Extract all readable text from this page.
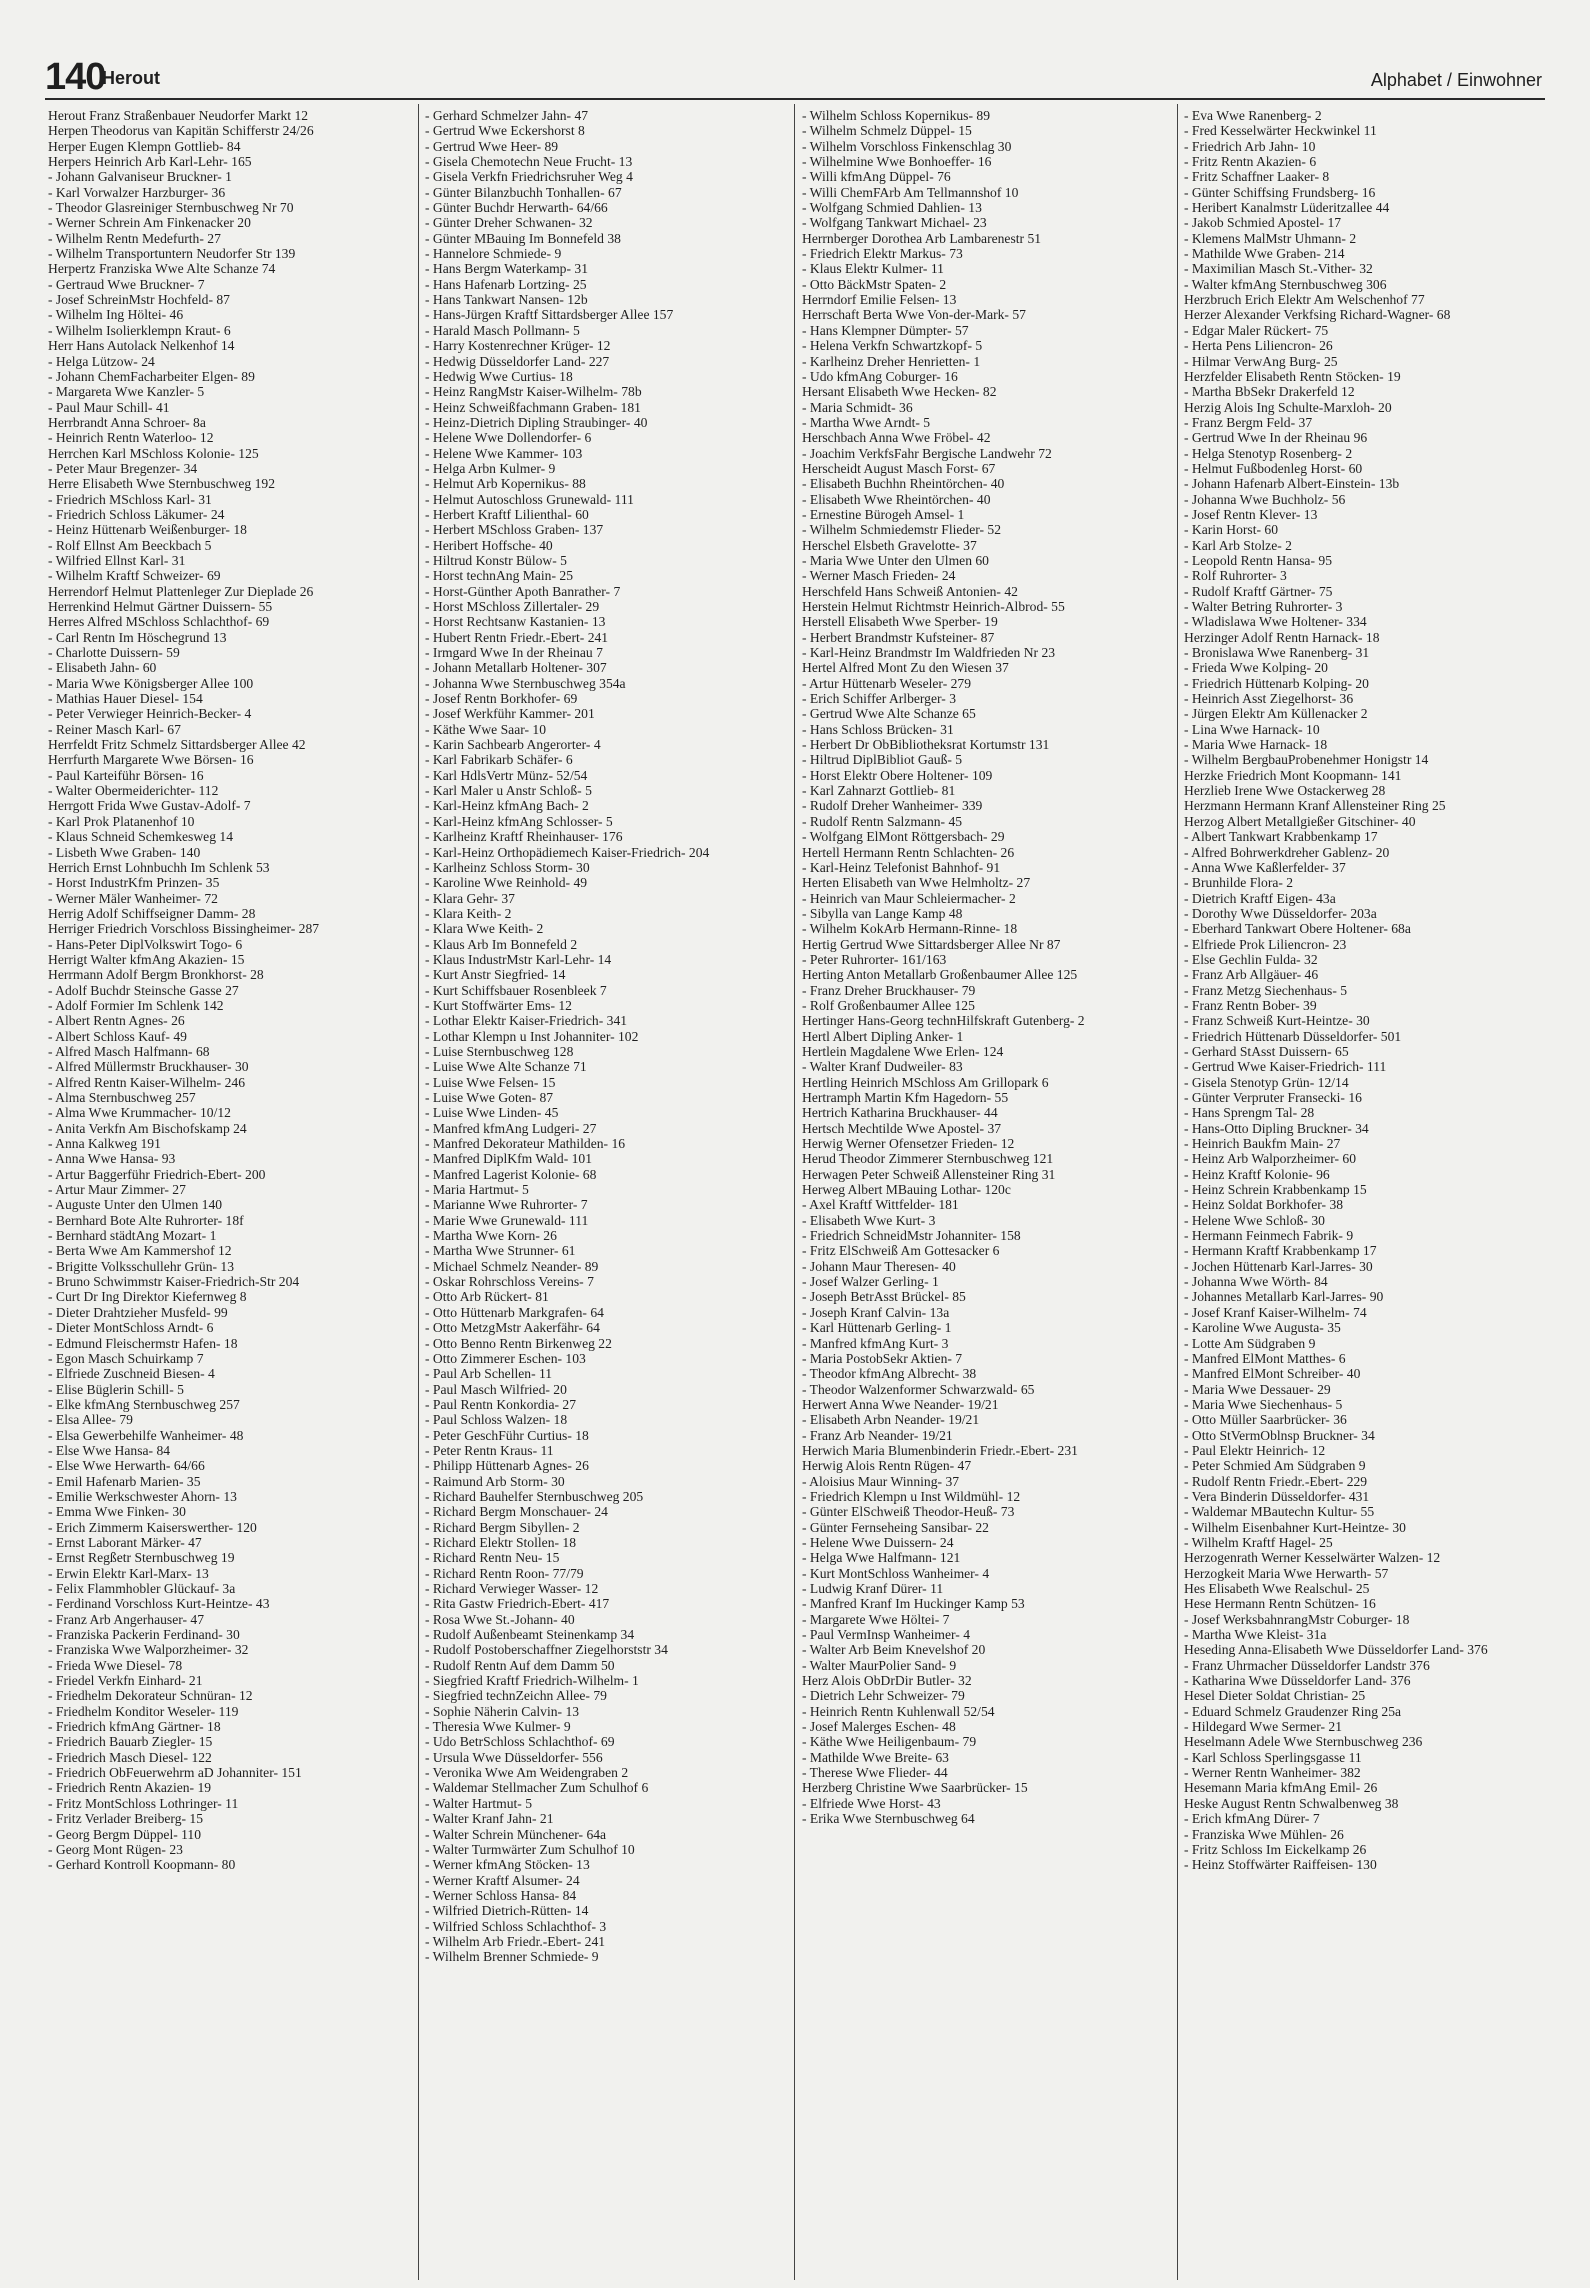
140
Herout	Alphabet / Einwohner
Herout Franz Straßenbauer Neudorfer Markt 12
Herpen Theodorus van Kapitän Schifferstr 24/26
Herper Eugen Klempn Gottlieb- 84
Herpers Heinrich Arb Karl-Lehr- 165
- Johann Galvaniseur Bruckner- 1
- Karl Vorwalzer Harzburger- 36
- Theodor Glasreiniger Sternbuschweg Nr 70
- Werner Schrein Am Finkenacker 20
- Wilhelm Rentn Medefurth- 27
- Wilhelm Transportuntern Neudorfer Str 139
Herpertz Franziska Wwe Alte Schanze 74
- Gertraud Wwe Bruckner- 7
- Josef SchreinMstr Hochfeld- 87
- Wilhelm Ing Höltei- 46
- Wilhelm Isolierklempn Kraut- 6
Herr Hans Autolack Nelkenhof 14
- Helga Lützow- 24
- Johann ChemFacharbeiter Elgen- 89
- Margareta Wwe Kanzler- 5
- Paul Maur Schill- 41
Herrbrandt Anna Schroer- 8a
- Heinrich Rentn Waterloo- 12
Herrchen Karl MSchloss Kolonie- 125
- Peter Maur Bregenzer- 34
Herre Elisabeth Wwe Sternbuschweg 192
- Friedrich MSchloss Karl- 31
- Friedrich Schloss Läkumer- 24
- Heinz Hüttenarb Weißenburger- 18
- Rolf Ellnst Am Beeckbach 5
- Wilfried Ellnst Karl- 31
- Wilhelm Kraftf Schweizer- 69
Herrendorf Helmut Plattenleger Zur Dieplade 26
Herrenkind Helmut Gärtner Duissern- 55
Herres Alfred MSchloss Schlachthof- 69
- Carl Rentn Im Höschegrund 13
- Charlotte Duissern- 59
- Elisabeth Jahn- 60
- Maria Wwe Königsberger Allee 100
- Mathias Hauer Diesel- 154
- Peter Verwieger Heinrich-Becker- 4
- Reiner Masch Karl- 67
Herrfeldt Fritz Schmelz Sittardsberger Allee 42
Herrfurth Margarete Wwe Börsen- 16
- Paul Karteiführ Börsen- 16
- Walter Obermeiderichter- 112
Herrgott Frida Wwe Gustav-Adolf- 7
- Karl Prok Platanenhof 10
- Klaus Schneid Schemkesweg 14
- Lisbeth Wwe Graben- 140
Herrich Ernst Lohnbuchh Im Schlenk 53
- Horst IndustrKfm Prinzen- 35
- Werner Mäler Wanheimer- 72
Herrig Adolf Schiffseigner Damm- 28
Herriger Friedrich Vorschloss Bissingheimer- 287
- Hans-Peter DiplVolkswirt Togo- 6
Herrigt Walter kfmAng Akazien- 15
Herrmann Adolf Bergm Bronkhorst- 28
- Adolf Buchdr Steinsche Gasse 27
- Adolf Formier Im Schlenk 142
- Albert Rentn Agnes- 26
- Albert Schloss Kauf- 49
- Alfred Masch Halfmann- 68
- Alfred Müllermstr Bruckhauser- 30
- Alfred Rentn Kaiser-Wilhelm- 246
- Alma Sternbuschweg 257
- Alma Wwe Krummacher- 10/12
- Anita Verkfn Am Bischofskamp 24
- Anna Kalkweg 191
- Anna Wwe Hansa- 93
- Artur Baggerführ Friedrich-Ebert- 200
- Artur Maur Zimmer- 27
- Auguste Unter den Ulmen 140
- Bernhard Bote Alte Ruhrorter- 18f
- Bernhard städtAng Mozart- 1
- Berta Wwe Am Kammershof 12
- Brigitte Volksschullehr Grün- 13
- Bruno Schwimmstr Kaiser-Friedrich-Str 204
- Curt Dr Ing Direktor Kiefernweg 8
- Dieter Drahtzieher Musfeld- 99
- Dieter MontSchloss Arndt- 6
- Edmund Fleischermstr Hafen- 18
- Egon Masch Schuirkamp 7
- Elfriede Zuschneid Biesen- 4
- Elise Büglerin Schill- 5
- Elke kfmAng Sternbuschweg 257
- Elsa Allee- 79
- Elsa Gewerbehilfe Wanheimer- 48
- Else Wwe Hansa- 84
- Else Wwe Herwarth- 64/66
- Emil Hafenarb Marien- 35
- Emilie Werkschwester Ahorn- 13
- Emma Wwe Finken- 30
- Erich Zimmerm Kaiserswerther- 120
- Ernst Laborant Märker- 47
- Ernst Regßetr Sternbuschweg 19
- Erwin Elektr Karl-Marx- 13
- Felix Flammhobler Glückauf- 3a
- Ferdinand Vorschloss Kurt-Heintze- 43
- Franz Arb Angerhauser- 47
- Franziska Packerin Ferdinand- 30
- Franziska Wwe Walporzheimer- 32
- Frieda Wwe Diesel- 78
- Friedel Verkfn Einhard- 21
- Friedhelm Dekorateur Schnüran- 12
- Friedhelm Konditor Weseler- 119
- Friedrich kfmAng Gärtner- 18
- Friedrich Bauarb Ziegler- 15
- Friedrich Masch Diesel- 122
- Friedrich ObFeuerwehrm aD Johanniter- 151
- Friedrich Rentn Akazien- 19
- Fritz MontSchloss Lothringer- 11
- Fritz Verlader Breiberg- 15
- Georg Bergm Düppel- 110
- Georg Mont Rügen- 23
- Gerhard Kontroll Koopmann- 80
- Gerhard Schmelzer Jahn- 47
- Gertrud Wwe Eckershorst 8
- Gertrud Wwe Heer- 89
- Gisela Chemotechn Neue Frucht- 13
- Gisela Verkfn Friedrichsruher Weg 4
- Günter Bilanzbuchh Tonhallen- 67
- Günter Buchdr Herwarth- 64/66
- Günter Dreher Schwanen- 32
- Günter MBauing Im Bonnefeld 38
- Hannelore Schmiede- 9
- Hans Bergm Waterkamp- 31
- Hans Hafenarb Lortzing- 25
- Hans Tankwart Nansen- 12b
- Hans-Jürgen Kraftf Sittardsberger Allee 157
- Harald Masch Pollmann- 5
- Harry Kostenrechner Krüger- 12
- Hedwig Düsseldorfer Land- 227
- Hedwig Wwe Curtius- 18
- Heinz RangMstr Kaiser-Wilhelm- 78b
- Heinz Schweißfachmann Graben- 181
- Heinz-Dietrich Dipling Straubinger- 40
- Helene Wwe Dollendorfer- 6
- Helene Wwe Kammer- 103
- Helga Arbn Kulmer- 9
- Helmut Arb Kopernikus- 88
- Helmut Autoschloss Grunewald- 111
- Herbert Kraftf Lilienthal- 60
- Herbert MSchloss Graben- 137
- Heribert Hoffsche- 40
- Hiltrud Konstr Bülow- 5
- Horst technAng Main- 25
- Horst-Günther Apoth Banrather- 7
- Horst MSchloss Zillertaler- 29
- Horst Rechtsanw Kastanien- 13
- Hubert Rentn Friedr.-Ebert- 241
- Irmgard Wwe In der Rheinau 7
- Johann Metallarb Holtener- 307
- Johanna Wwe Sternbuschweg 354a
- Josef Rentn Borkhofer- 69
- Josef Werkführ Kammer- 201
- Käthe Wwe Saar- 10
- Karin Sachbearb Angerorter- 4
- Karl Fabrikarb Schäfer- 6
- Karl HdlsVertr Münz- 52/54
- Karl Maler u Anstr Schloß- 5
- Karl-Heinz kfmAng Bach- 2
- Karl-Heinz kfmAng Schlosser- 5
- Karlheinz Kraftf Rheinhauser- 176
- Karl-Heinz Orthopädiemech Kaiser-Friedrich- 204
- Karlheinz Schloss Storm- 30
- Karoline Wwe Reinhold- 49
- Klara Gehr- 37
- Klara Keith- 2
- Klara Wwe Keith- 2
- Klaus Arb Im Bonnefeld 2
- Klaus IndustrMstr Karl-Lehr- 14
- Kurt Anstr Siegfried- 14
- Kurt Schiffsbauer Rosenbleek 7
- Kurt Stoffwärter Ems- 12
- Lothar Elektr Kaiser-Friedrich- 341
- Lothar Klempn u Inst Johanniter- 102
- Luise Sternbuschweg 128
- Luise Wwe Alte Schanze 71
- Luise Wwe Felsen- 15
- Luise Wwe Goten- 87
- Luise Wwe Linden- 45
- Manfred kfmAng Ludgeri- 27
- Manfred Dekorateur Mathilden- 16
- Manfred DiplKfm Wald- 101
- Manfred Lagerist Kolonie- 68
- Maria Hartmut- 5
- Marianne Wwe Ruhrorter- 7
- Marie Wwe Grunewald- 111
- Martha Wwe Korn- 26
- Martha Wwe Strunner- 61
- Michael Schmelz Neander- 89
- Oskar Rohrschloss Vereins- 7
- Otto Arb Rückert- 81
- Otto Hüttenarb Markgrafen- 64
- Otto MetzgMstr Aakerfähr- 64
- Otto Benno Rentn Birkenweg 22
- Otto Zimmerer Eschen- 103
- Paul Arb Schellen- 11
- Paul Masch Wilfried- 20
- Paul Rentn Konkordia- 27
- Paul Schloss Walzen- 18
- Peter GeschFühr Curtius- 18
- Peter Rentn Kraus- 11
- Philipp Hüttenarb Agnes- 26
- Raimund Arb Storm- 30
- Richard Bauhelfer Sternbuschweg 205
- Richard Bergm Monschauer- 24
- Richard Bergm Sibyllen- 2
- Richard Elektr Stollen- 18
- Richard Rentn Neu- 15
- Richard Rentn Roon- 77/79
- Richard Verwieger Wasser- 12
- Rita Gastw Friedrich-Ebert- 417
- Rosa Wwe St.-Johann- 40
- Rudolf Außenbeamt Steinenkamp 34
- Rudolf Postoberschaffner Ziegelhorststr 34
- Rudolf Rentn Auf dem Damm 50
- Siegfried Kraftf Friedrich-Wilhelm- 1
- Siegfried technZeichn Allee- 79
- Sophie Näherin Calvin- 13
- Theresia Wwe Kulmer- 9
- Udo BetrSchloss Schlachthof- 69
- Ursula Wwe Düsseldorfer- 556
- Veronika Wwe Am Weidengraben 2
- Waldemar Stellmacher Zum Schulhof 6
- Walter Hartmut- 5
- Walter Kranf Jahn- 21
- Walter Schrein Münchener- 64a
- Walter Turmwärter Zum Schulhof 10
- Werner kfmAng Stöcken- 13
- Werner Kraftf Alsumer- 24
- Werner Schloss Hansa- 84
- Wilfried Dietrich-Rütten- 14
- Wilfried Schloss Schlachthof- 3
- Wilhelm Arb Friedr.-Ebert- 241
- Wilhelm Brenner Schmiede- 9
- Wilhelm Schloss Kopernikus- 89
- Wilhelm Schmelz Düppel- 15
- Wilhelm Vorschloss Finkenschlag 30
- Wilhelmine Wwe Bonhoeffer- 16
- Willi kfmAng Düppel- 76
- Willi ChemFArb Am Tellmannshof 10
- Wolfgang Schmied Dahlien- 13
- Wolfgang Tankwart Michael- 23
Herrnberger Dorothea Arb Lambarenestr 51
- Friedrich Elektr Markus- 73
- Klaus Elektr Kulmer- 11
- Otto BäckMstr Spaten- 2
Herrndorf Emilie Felsen- 13
Herrschaft Berta Wwe Von-der-Mark- 57
- Hans Klempner Dümpter- 57
- Helena Verkfn Schwartzkopf- 5
- Karlheinz Dreher Henrietten- 1
- Udo kfmAng Coburger- 16
Hersant Elisabeth Wwe Hecken- 82
- Maria Schmidt- 36
- Martha Wwe Arndt- 5
Herschbach Anna Wwe Fröbel- 42
- Joachim VerkfsFahr Bergische Landwehr 72
Herscheidt August Masch Forst- 67
- Elisabeth Buchhn Rheintörchen- 40
- Elisabeth Wwe Rheintörchen- 40
- Ernestine Bürogeh Amsel- 1
- Wilhelm Schmiedemstr Flieder- 52
Herschel Elsbeth Gravelotte- 37
- Maria Wwe Unter den Ulmen 60
- Werner Masch Frieden- 24
Herschfeld Hans Schweiß Antonien- 42
Herstein Helmut Richtmstr Heinrich-Albrod- 55
Herstell Elisabeth Wwe Sperber- 19
- Herbert Brandmstr Kufsteiner- 87
- Karl-Heinz Brandmstr Im Waldfrieden Nr 23
Hertel Alfred Mont Zu den Wiesen 37
- Artur Hüttenarb Weseler- 279
- Erich Schiffer Arlberger- 3
- Gertrud Wwe Alte Schanze 65
- Hans Schloss Brücken- 31
- Herbert Dr ObBibliotheksrat Kortumstr 131
- Hiltrud DiplBibliot Gauß- 5
- Horst Elektr Obere Holtener- 109
- Karl Zahnarzt Gottlieb- 81
- Rudolf Dreher Wanheimer- 339
- Rudolf Rentn Salzmann- 45
- Wolfgang ElMont Röttgersbach- 29
Hertell Hermann Rentn Schlachten- 26
- Karl-Heinz Telefonist Bahnhof- 91
Herten Elisabeth van Wwe Helmholtz- 27
- Heinrich van Maur Schleiermacher- 2
- Sibylla van Lange Kamp 48
- Wilhelm KokArb Hermann-Rinne- 18
Hertig Gertrud Wwe Sittardsberger Allee Nr 87
- Peter Ruhrorter- 161/163
Herting Anton Metallarb Großenbaumer Allee 125
- Franz Dreher Bruckhauser- 79
- Rolf Großenbaumer Allee 125
Hertinger Hans-Georg technHilfskraft Gutenberg- 2
Hertl Albert Dipling Anker- 1
Hertlein Magdalene Wwe Erlen- 124
- Walter Kranf Dudweiler- 83
Hertling Heinrich MSchloss Am Grillopark 6
Hertramph Martin Kfm Hagedorn- 55
Hertrich Katharina Bruckhauser- 44
Hertsch Mechtilde Wwe Apostel- 37
Herwig Werner Ofensetzer Frieden- 12
Herud Theodor Zimmerer Sternbuschweg 121
Herwagen Peter Schweiß Allensteiner Ring 31
Herweg Albert MBauing Lothar- 120c
- Axel Kraftf Wittfelder- 181
- Elisabeth Wwe Kurt- 3
- Friedrich SchneidMstr Johanniter- 158
- Fritz ElSchweiß Am Gottesacker 6
- Johann Maur Theresen- 40
- Josef Walzer Gerling- 1
- Joseph BetrAsst Brückel- 85
- Joseph Kranf Calvin- 13a
- Karl Hüttenarb Gerling- 1
- Manfred kfmAng Kurt- 3
- Maria PostobSekr Aktien- 7
- Theodor kfmAng Albrecht- 38
- Theodor Walzenformer Schwarzwald- 65
Herwert Anna Wwe Neander- 19/21
- Elisabeth Arbn Neander- 19/21
- Franz Arb Neander- 19/21
Herwich Maria Blumenbinderin Friedr.-Ebert- 231
Herwig Alois Rentn Rügen- 47
- Aloisius Maur Winning- 37
- Friedrich Klempn u Inst Wildmühl- 12
- Günter ElSchweiß Theodor-Heuß- 73
- Günter Fernseheing Sansibar- 22
- Helene Wwe Duissern- 24
- Helga Wwe Halfmann- 121
- Kurt MontSchloss Wanheimer- 4
- Ludwig Kranf Dürer- 11
- Manfred Kranf Im Huckinger Kamp 53
- Margarete Wwe Höltei- 7
- Paul VermInsp Wanheimer- 4
- Walter Arb Beim Knevelshof 20
- Walter MaurPolier Sand- 9
Herz Alois ObDrDir Butler- 32
- Dietrich Lehr Schweizer- 79
- Heinrich Rentn Kuhlenwall 52/54
- Josef Malerges Eschen- 48
- Käthe Wwe Heiligenbaum- 79
- Mathilde Wwe Breite- 63
- Therese Wwe Flieder- 44
Herzberg Christine Wwe Saarbrücker- 15
- Elfriede Wwe Horst- 43
- Erika Wwe Sternbuschweg 64
- Eva Wwe Ranenberg- 2
- Fred Kesselwärter Heckwinkel 11
- Friedrich Arb Jahn- 10
- Fritz Rentn Akazien- 6
- Fritz Schaffner Laaker- 8
- Günter Schiffsing Frundsberg- 16
- Heribert Kanalmstr Lüderitzallee 44
- Jakob Schmied Apostel- 17
- Klemens MalMstr Uhmann- 2
- Mathilde Wwe Graben- 214
- Maximilian Masch St.-Vither- 32
- Walter kfmAng Sternbuschweg 306
Herzbruch Erich Elektr Am Welschenhof 77
Herzer Alexander Verkfsing Richard-Wagner- 68
- Edgar Maler Rückert- 75
- Herta Pens Liliencron- 26
- Hilmar VerwAng Burg- 25
Herzfelder Elisabeth Rentn Stöcken- 19
- Martha BbSekr Drakerfeld 12
Herzig Alois Ing Schulte-Marxloh- 20
- Franz Bergm Feld- 37
- Gertrud Wwe In der Rheinau 96
- Helga Stenotyp Rosenberg- 2
- Helmut Fußbodenleg Horst- 60
- Johann Hafenarb Albert-Einstein- 13b
- Johanna Wwe Buchholz- 56
- Josef Rentn Klever- 13
- Karin Horst- 60
- Karl Arb Stolze- 2
- Leopold Rentn Hansa- 95
- Rolf Ruhrorter- 3
- Rudolf Kraftf Gärtner- 75
- Walter Betring Ruhrorter- 3
- Wladislawa Wwe Holtener- 334
Herzinger Adolf Rentn Harnack- 18
- Bronislawa Wwe Ranenberg- 31
- Frieda Wwe Kolping- 20
- Friedrich Hüttenarb Kolping- 20
- Heinrich Asst Ziegelhorst- 36
- Jürgen Elektr Am Küllenacker 2
- Lina Wwe Harnack- 10
- Maria Wwe Harnack- 18
- Wilhelm BergbauProbenehmer Honigstr 14
Herzke Friedrich Mont Koopmann- 141
Herzlieb Irene Wwe Ostackerweg 28
Herzmann Hermann Kranf Allensteiner Ring 25
Herzog Albert Metallgießer Gitschiner- 40
- Albert Tankwart Krabbenkamp 17
- Alfred Bohrwerkdreher Gablenz- 20
- Anna Wwe Kaßlerfelder- 37
- Brunhilde Flora- 2
- Dietrich Kraftf Eigen- 43a
- Dorothy Wwe Düsseldorfer- 203a
- Eberhard Tankwart Obere Holtener- 68a
- Elfriede Prok Liliencron- 23
- Else Gechlin Fulda- 32
- Franz Arb Allgäuer- 46
- Franz Metzg Siechenhaus- 5
- Franz Rentn Bober- 39
- Franz Schweiß Kurt-Heintze- 30
- Friedrich Hüttenarb Düsseldorfer- 501
- Gerhard StAsst Duissern- 65
- Gertrud Wwe Kaiser-Friedrich- 111
- Gisela Stenotyp Grün- 12/14
- Günter Verpruter Fransecki- 16
- Hans Sprengm Tal- 28
- Hans-Otto Dipling Bruckner- 34
- Heinrich Baukfm Main- 27
- Heinz Arb Walporzheimer- 60
- Heinz Kraftf Kolonie- 96
- Heinz Schrein Krabbenkamp 15
- Heinz Soldat Borkhofer- 38
- Helene Wwe Schloß- 30
- Hermann Feinmech Fabrik- 9
- Hermann Kraftf Krabbenkamp 17
- Jochen Hüttenarb Karl-Jarres- 30
- Johanna Wwe Wörth- 84
- Johannes Metallarb Karl-Jarres- 90
- Josef Kranf Kaiser-Wilhelm- 74
- Karoline Wwe Augusta- 35
- Lotte Am Südgraben 9
- Manfred ElMont Matthes- 6
- Manfred ElMont Schreiber- 40
- Maria Wwe Dessauer- 29
- Maria Wwe Siechenhaus- 5
- Otto Müller Saarbrücker- 36
- Otto StVermOblnsp Bruckner- 34
- Paul Elektr Heinrich- 12
- Peter Schmied Am Südgraben 9
- Rudolf Rentn Friedr.-Ebert- 229
- Vera Binderin Düsseldorfer- 431
- Waldemar MBautechn Kultur- 55
- Wilhelm Eisenbahner Kurt-Heintze- 30
- Wilhelm Kraftf Hagel- 25
Herzogenrath Werner Kesselwärter Walzen- 12
Herzogkeit Maria Wwe Herwarth- 57
Hes Elisabeth Wwe Realschul- 25
Hese Hermann Rentn Schützen- 16
- Josef WerksbahnrangMstr Coburger- 18
- Martha Wwe Kleist- 31a
Heseding Anna-Elisabeth Wwe Düsseldorfer Land- 376
- Franz Uhrmacher Düsseldorfer Landstr 376
- Katharina Wwe Düsseldorfer Land- 376
Hesel Dieter Soldat Christian- 25
- Eduard Schmelz Graudenzer Ring 25a
- Hildegard Wwe Sermer- 21
Heselmann Adele Wwe Sternbuschweg 236
- Karl Schloss Sperlingsgasse 11
- Werner Rentn Wanheimer- 382
Hesemann Maria kfmAng Emil- 26
Heske August Rentn Schwalbenweg 38
- Erich kfmAng Dürer- 7
- Franziska Wwe Mühlen- 26
- Fritz Schloss Im Eickelkamp 26
- Heinz Stoffwärter Raiffeisen- 130
